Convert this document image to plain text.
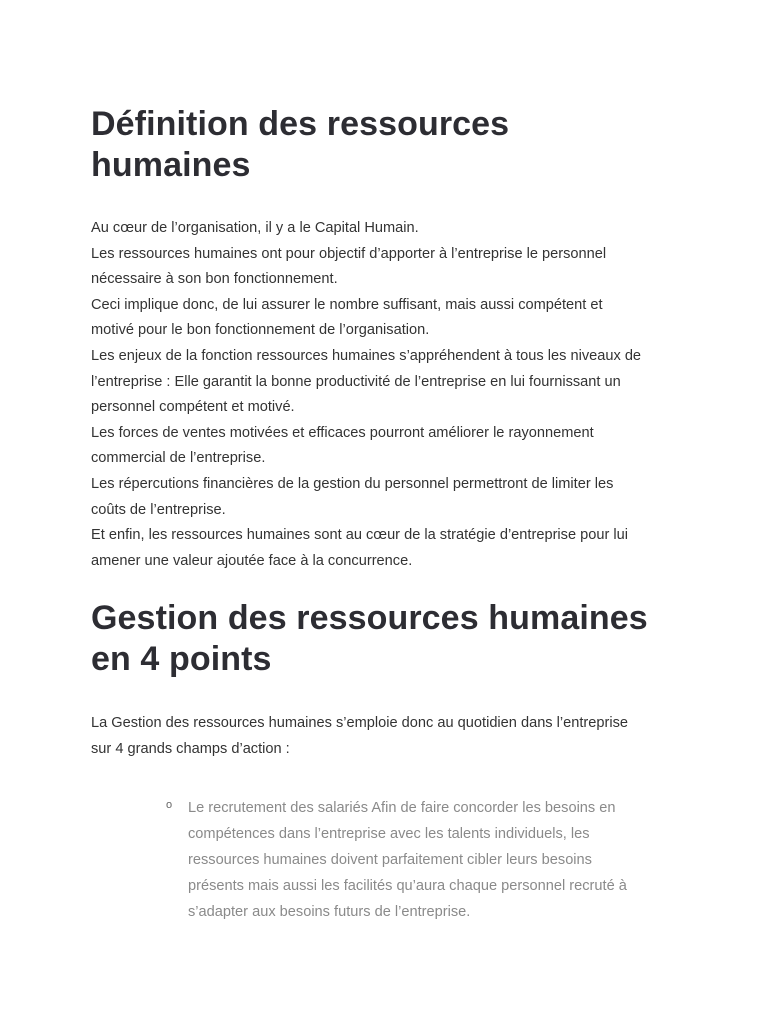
Définition des ressources
humaines
Au cœur de l’organisation, il y a le Capital Humain.
Les ressources humaines ont pour objectif d’apporter à l’entreprise le personnel
nécessaire à son bon fonctionnement.
Ceci implique donc, de lui assurer le nombre suffisant, mais aussi compétent et
motivé pour le bon fonctionnement de l’organisation.
Les enjeux de la fonction ressources humaines s’appréhendent à tous les niveaux de
l’entreprise : Elle garantit la bonne productivité de l’entreprise en lui fournissant un
personnel compétent et motivé.
Les forces de ventes motivées et efficaces pourront améliorer le rayonnement
commercial de l’entreprise.
Les répercutions financières de la gestion du personnel permettront de limiter les
coûts de l’entreprise.
Et enfin, les ressources humaines sont au cœur de la stratégie d’entreprise pour lui
amener une valeur ajoutée face à la concurrence.
Gestion des ressources humaines
en 4 points
La Gestion des ressources humaines s’emploie donc au quotidien dans l’entreprise
sur 4 grands champs d’action :
o Le recrutement des salariés Afin de faire concorder les besoins en
compétences dans l’entreprise avec les talents individuels, les
ressources humaines doivent parfaitement cibler leurs besoins
présents mais aussi les facilités qu’aura chaque personnel recruté à
s’adapter aux besoins futurs de l’entreprise.
